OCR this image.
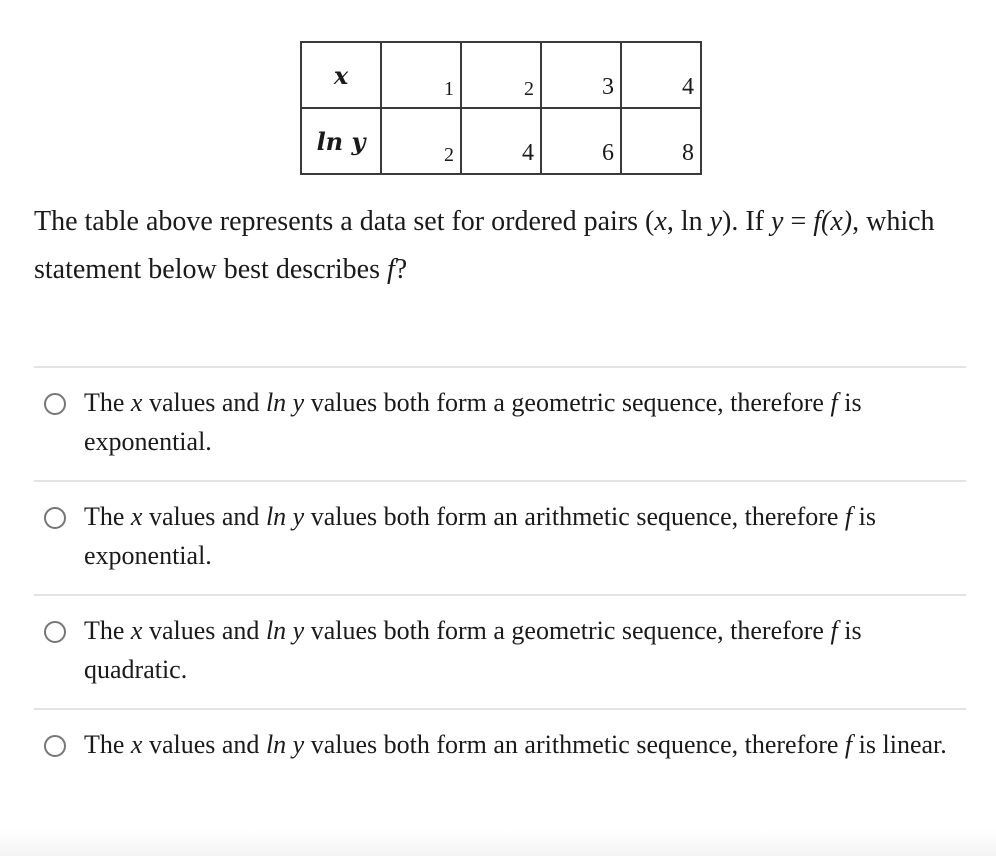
x	1	2	3	4

ln y	2	4	6	8
The table above represents a data set for ordered pairs (x, ln y). If y = f(x), which statement below best describes f?
The x values and ln y values both form a geometric sequence, therefore f is exponential.
The x values and ln y values both form an arithmetic sequence, therefore f is exponential.
The x values and ln y values both form a geometric sequence, therefore f is quadratic.
The x values and ln y values both form an arithmetic sequence, therefore f is linear.
